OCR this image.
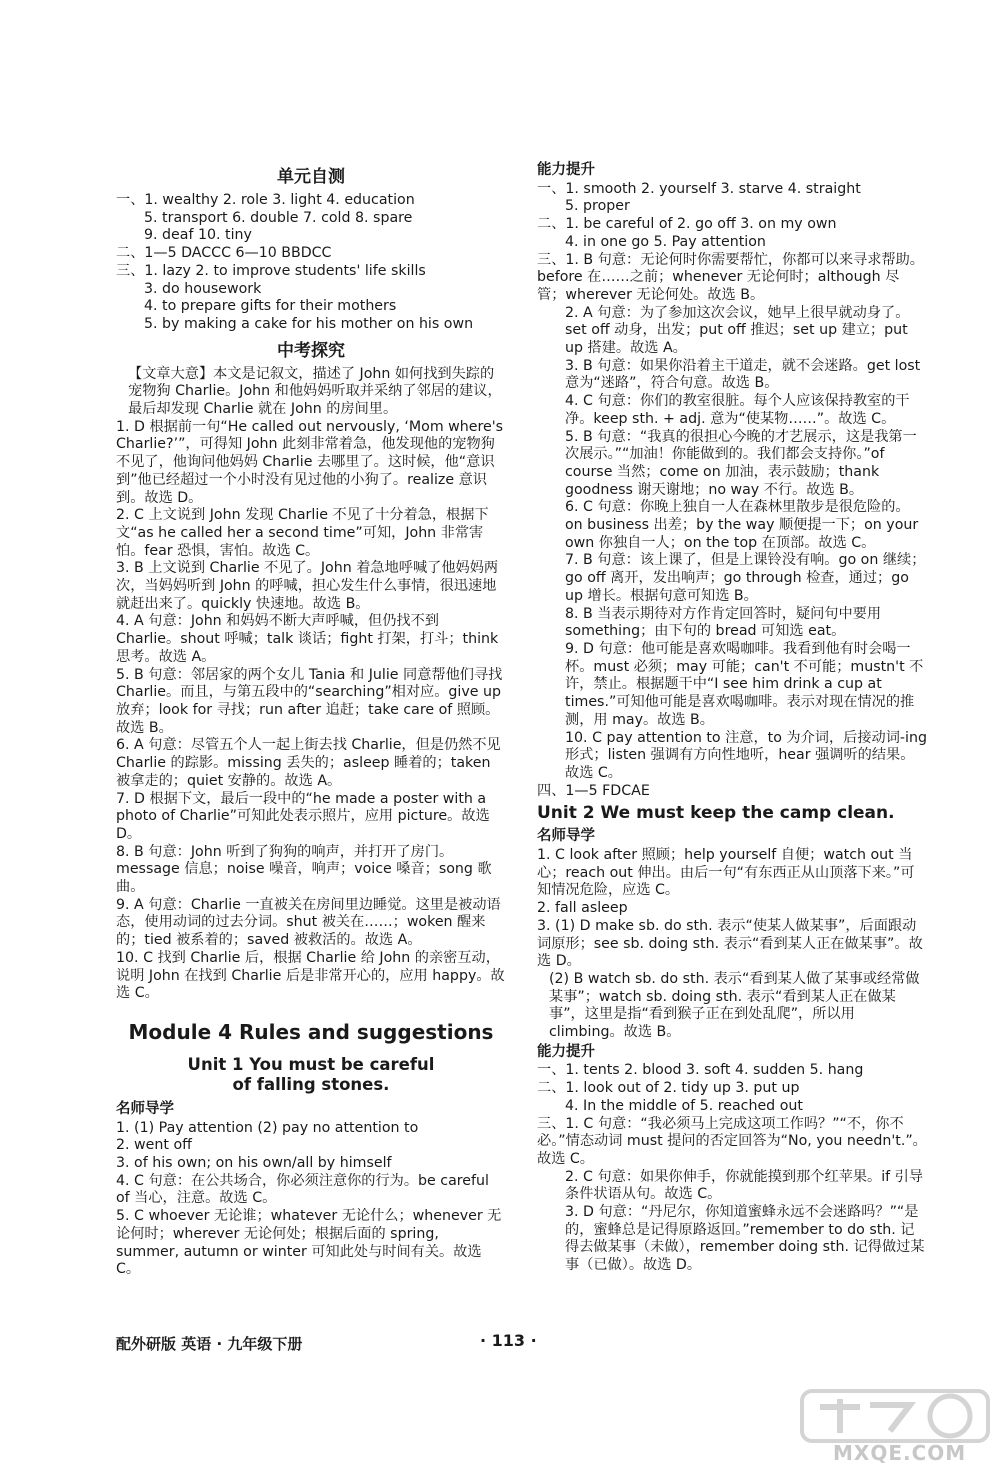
单元自测

一、1. wealthy 2. role 3. light 4. education

5. transport 6. double 7. cold 8. spare

9. deaf 10. tiny

二、1—5 DACCC 6—10 BBDCC

三、1. lazy 2. to improve students' life skills

3. do housework

4. to prepare gifts for their mothers

5. by making a cake for his mother on his own

中考探究

【文章大意】本文是记叙文，描述了 John 如何找到失踪的宠物狗 Charlie。John 和他妈妈听取并采纳了邻居的建议，最后却发现 Charlie 就在 John 的房间里。

1. D 根据前一句“He called out nervously, ‘Mom where's Charlie?’”，可得知 John 此刻非常着急，他发现他的宠物狗不见了，他询问他妈妈 Charlie 去哪里了。这时候，他“意识到”他已经超过一个小时没有见过他的小狗了。realize 意识到。故选 D。

2. C 上文说到 John 发现 Charlie 不见了十分着急，根据下文“as he called her a second time”可知，John 非常害怕。fear 恐惧，害怕。故选 C。

3. B 上文说到 Charlie 不见了。John 着急地呼喊了他妈妈两次，当妈妈听到 John 的呼喊，担心发生什么事情，很迅速地就赶出来了。quickly 快速地。故选 B。

4. A 句意：John 和妈妈不断大声呼喊，但仍找不到 Charlie。shout 呼喊；talk 谈话；fight 打架，打斗；think 思考。故选 A。

5. B 句意：邻居家的两个女儿 Tania 和 Julie 同意帮他们寻找 Charlie。而且，与第五段中的“searching”相对应。give up 放弃；look for 寻找；run after 追赶；take care of 照顾。故选 B。

6. A 句意：尽管五个人一起上街去找 Charlie，但是仍然不见 Charlie 的踪影。missing 丢失的；asleep 睡着的；taken 被拿走的；quiet 安静的。故选 A。

7. D 根据下文，最后一段中的“he made a poster with a photo of Charlie”可知此处表示照片，应用 picture。故选 D。

8. B 句意：John 听到了狗狗的响声，并打开了房门。message 信息；noise 噪音，响声；voice 嗓音；song 歌曲。

9. A 句意：Charlie 一直被关在房间里边睡觉。这里是被动语态，使用动词的过去分词。shut 被关在……；woken 醒来的；tied 被系着的；saved 被救活的。故选 A。

10. C 找到 Charlie 后，根据 Charlie 给 John 的亲密互动，说明 John 在找到 Charlie 后是非常开心的，应用 happy。故选 C。

Module 4 Rules and suggestions
Unit 1 You must be careful
of falling stones.
名师导学

1. (1) Pay attention (2) pay no attention to

2. went off

3. of his own; on his own/all by himself

4. C 句意：在公共场合，你必须注意你的行为。be careful of 当心，注意。故选 C。

5. C whoever 无论谁；whatever 无论什么；whenever 无论何时；wherever 无论何处；根据后面的 spring, summer, autumn or winter 可知此处与时间有关。故选 C。

能力提升

一、1. smooth 2. yourself 3. starve 4. straight

5. proper

二、1. be careful of 2. go off 3. on my own

4. in one go 5. Pay attention

三、1. B 句意：无论何时你需要帮忙，你都可以来寻求帮助。before 在……之前；whenever 无论何时；although 尽管；wherever 无论何处。故选 B。

2. A 句意：为了参加这次会议，她早上很早就动身了。set off 动身，出发；put off 推迟；set up 建立；put up 搭建。故选 A。

3. B 句意：如果你沿着主干道走，就不会迷路。get lost 意为“迷路”，符合句意。故选 B。

4. C 句意：你们的教室很脏。每个人应该保持教室的干净。keep sth. + adj. 意为“使某物……”。故选 C。

5. B 句意：“我真的很担心今晚的才艺展示，这是我第一次展示。”“加油！你能做到的。我们都会支持你。”of course 当然；come on 加油，表示鼓励；thank goodness 谢天谢地；no way 不行。故选 B。

6. C 句意：你晚上独自一人在森林里散步是很危险的。on business 出差；by the way 顺便提一下；on your own 你独自一人；on the top 在顶部。故选 C。

7. B 句意：该上课了，但是上课铃没有响。go on 继续；go off 离开，发出响声；go through 检查，通过；go up 增长。根据句意可知选 B。

8. B 当表示期待对方作肯定回答时，疑问句中要用 something；由下句的 bread 可知选 eat。

9. D 句意：他可能是喜欢喝咖啡。我看到他有时会喝一杯。must 必须；may 可能；can't 不可能；mustn't 不许，禁止。根据题干中“I see him drink a cup at times.”可知他可能是喜欢喝咖啡。表示对现在情况的推测，用 may。故选 B。

10. C pay attention to 注意，to 为介词，后接动词-ing 形式；listen 强调有方向性地听，hear 强调听的结果。故选 C。

四、1—5 FDCAE

Unit 2 We must keep the camp clean.
名师导学

1. C look after 照顾；help yourself 自便；watch out 当心；reach out 伸出。由后一句“有东西正从山顶落下来。”可知情况危险，应选 C。

2. fall asleep

3. (1) D make sb. do sth. 表示“使某人做某事”，后面跟动词原形；see sb. doing sth. 表示“看到某人正在做某事”。故选 D。

(2) B watch sb. do sth. 表示“看到某人做了某事或经常做某事”；watch sb. doing sth. 表示“看到某人正在做某事”，这里是指“看到猴子正在到处乱爬”，所以用 climbing。故选 B。

能力提升

一、1. tents 2. blood 3. soft 4. sudden 5. hang

二、1. look out of 2. tidy up 3. put up

4. In the middle of 5. reached out

三、1. C 句意：“我必须马上完成这项工作吗？”“不，你不必。”情态动词 must 提问的否定回答为“No, you needn't.”。故选 C。

2. C 句意：如果你伸手，你就能摸到那个红苹果。if 引导条件状语从句。故选 C。

3. D 句意：“丹尼尔，你知道蜜蜂永远不会迷路吗？”“是的，蜜蜂总是记得原路返回。”remember to do sth. 记得去做某事（未做），remember doing sth. 记得做过某事（已做）。故选 D。

配外研版 英语 · 九年级下册	· 113 ·
MXQE.COM
